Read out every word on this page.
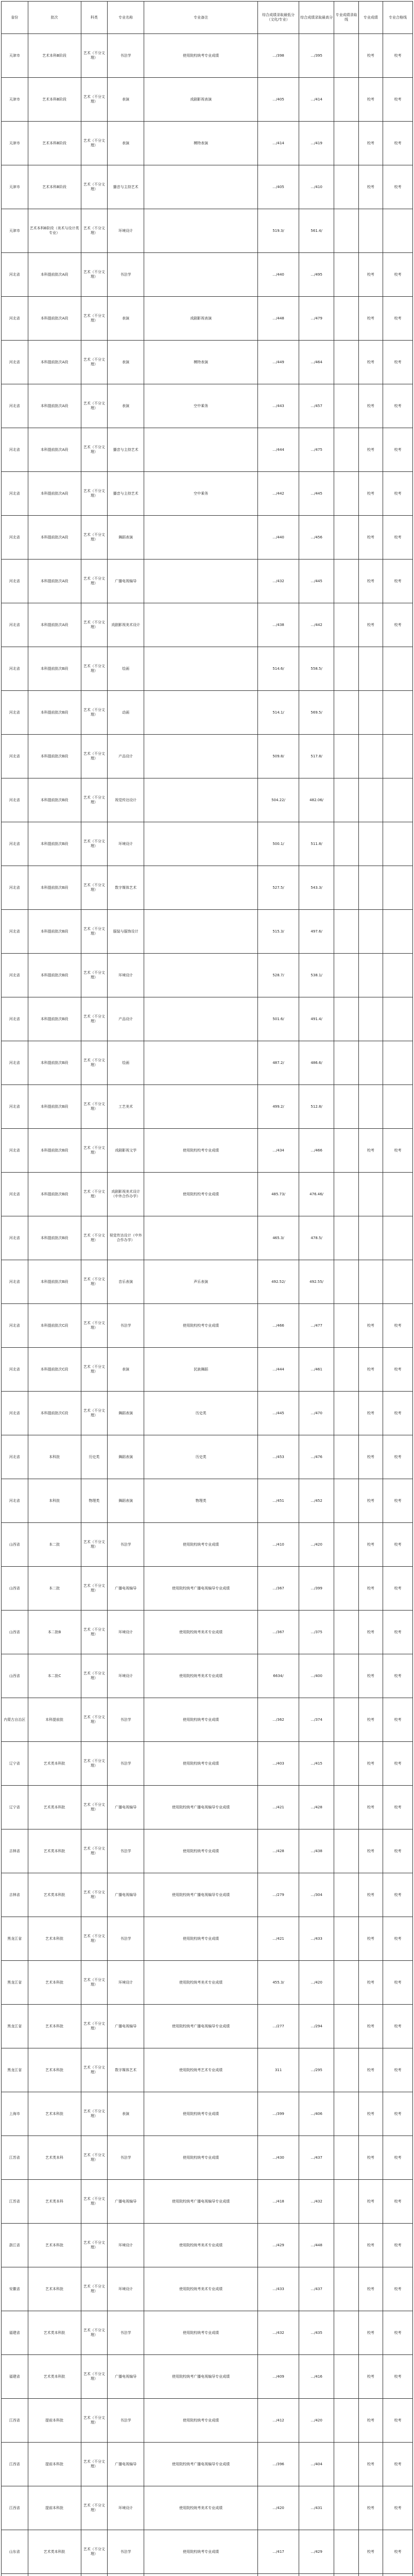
省份	批次	科类	专业名称	专业备注	综合成绩录取最低分（文化/专业）	综合成绩录取最高分	专业成绩录取线	专业成绩	专业合格线
天津市	艺术本科B阶段	艺术（不分文理）	书法学	使用院校统考专业成绩	…/398	…/395		校考	校考
天津市	艺术本科B阶段	艺术（不分文理）	表演	戏剧影视表演	…/405	…/414		校考	校考
天津市	艺术本科B阶段	艺术（不分文理）	表演	模特表演	…/414	…/419		校考	校考
天津市	艺术本科B阶段	艺术（不分文理）	播音与主持艺术		…/405	…/410		校考	校考
天津市	艺术本科B阶段（美术与设计类专业）	艺术（不分文理）	环境设计		519.3/	561.4/			
河北省	本科提前批次A段	艺术（不分文理）	书法学		…/440	…/495		校考	校考
河北省	本科提前批次A段	艺术（不分文理）	表演	戏剧影视表演	…/448	…/479		校考	校考
河北省	本科提前批次A段	艺术（不分文理）	表演	模特表演	…/449	…/464		校考	校考
河北省	本科提前批次A段	艺术（不分文理）	表演	空中乘务	…/443	…/457		校考	校考
河北省	本科提前批次A段	艺术（不分文理）	播音与主持艺术		…/444	…/475		校考	校考
河北省	本科提前批次A段	艺术（不分文理）	播音与主持艺术	空中乘务	…/442	…/445		校考	校考
河北省	本科提前批次A段	艺术（不分文理）	舞蹈表演		…/440	…/456		校考	校考
河北省	本科提前批次A段	艺术（不分文理）	广播电视编导		…/432	…/445		校考	校考
河北省	本科提前批次A段	艺术（不分文理）	戏剧影视美术设计		…/438	…/442		校考	校考
河北省	本科提前批次B段	艺术（不分文理）	绘画		514.6/	558.5/			
河北省	本科提前批次B段	艺术（不分文理）	动画		514.1/	569.5/			
河北省	本科提前批次B段	艺术（不分文理）	产品设计		509.8/	517.8/			
河北省	本科提前批次B段	艺术（不分文理）	视觉传达设计		504.22/	482.06/			
河北省	本科提前批次B段	艺术（不分文理）	环境设计		500.1/	511.8/			
河北省	本科提前批次B段	艺术（不分文理）	数字媒体艺术		527.5/	543.3/			
河北省	本科提前批次B段	艺术（不分文理）	服装与服饰设计		515.3/	497.6/			
河北省	本科提前批次B段	艺术（不分文理）	环境设计		528.7/	538.1/			
河北省	本科提前批次B段	艺术（不分文理）	产品设计		501.6/	491.4/			
河北省	本科提前批次B段	艺术（不分文理）	绘画		487.2/	486.6/			
河北省	本科提前批次B段	艺术（不分文理）	工艺美术		499.2/	512.8/			
河北省	本科提前批次B段	艺术（不分文理）	戏剧影视文学	使用院校校考专业成绩	…/434	…/466		校考	校考
河北省	本科提前批次B段	艺术（不分文理）	戏剧影视美术设计（中外合作办学）	使用院校校考专业成绩	485.73/	476.46/			
河北省	本科提前批次B段	艺术（不分文理）	视觉传达设计（中外合作办学）		465.3/	478.5/			
河北省	本科提前批次B段	艺术（不分文理）	音乐表演	声乐表演	492.52/	492.55/			
河北省	本科提前批次C段	艺术（不分文理）	书法学	使用院校校考专业成绩	…/466	…/477		校考	校考
河北省	本科提前批次C段	艺术（不分文理）	表演	民族舞蹈	…/444	…/461		校考	校考
河北省	本科提前批次C段	艺术（不分文理）	舞蹈表演	历史类	…/445	…/470		校考	校考
河北省	本科批	历史类	舞蹈表演	历史类	…/453	…/476		校考	校考
河北省	本科批	物理类	舞蹈表演	物理类	…/451	…/452		校考	校考
山西省	本二批	艺术（不分文理）	书法学	使用院校统考专业成绩	…/410	…/420		校考	校考
山西省	本二批	艺术（不分文理）	广播电视编导	使用院校统考广播电视编导专业成绩	…/367	…/399		校考	校考
山西省	本二批B	艺术（不分文理）	环境设计	使用院校统考美术专业成绩	…/367	…/375		校考	校考
山西省	本二批C	艺术（不分文理）	环境设计	使用院校统考美术专业成绩	6634/	…/400		校考	校考
内蒙古自治区	本科提前批	艺术（不分文理）	书法学	使用院校统考专业成绩	…/362	…/374		校考	校考
辽宁省	艺术类本科批	艺术（不分文理）	书法学	使用院校统考专业成绩	…/403	…/415		校考	校考
辽宁省	艺术类本科批	艺术（不分文理）	广播电视编导	使用院校统考广播电视编导专业成绩	…/421	…/428		校考	校考
吉林省	艺术类本科批	艺术（不分文理）	书法学	使用院校统考专业成绩	…/428	…/438		校考	校考
吉林省	艺术类本科批	艺术（不分文理）	广播电视编导	使用院校统考广播电视编导专业成绩	…/279	…/304		校考	校考
黑龙江省	艺术本科批	艺术（不分文理）	书法学	使用院校统考专业成绩	…/421	…/433		校考	校考
黑龙江省	艺术本科批	艺术（不分文理）	环境设计	使用院校统考美术专业成绩	455.3/	…/420		校考	校考
黑龙江省	艺术本科批	艺术（不分文理）	广播电视编导	使用院校统考广播电视编导专业成绩	…/277	…/294		校考	校考
黑龙江省	艺术本科批	艺术（不分文理）	数字媒体艺术	使用院校统考艺术专业成绩	311	…/295		校考	校考
上海市	艺术本科批	艺术（不分文理）	表演	使用院校统考专业成绩	…/399	…/406		校考	校考
江苏省	艺术类本科	艺术（不分文理）	书法学	使用院校统考专业成绩	…/430	…/437		校考	校考
江苏省	艺术类本科	艺术（不分文理）	广播电视编导	使用院校统考广播电视编导专业成绩	…/418	…/432		校考	校考
浙江省	艺术本科批	艺术（不分文理）	环境设计	使用院校统考美术专业成绩	…/429	…/448		校考	校考
安徽省	艺术本科批	艺术（不分文理）	环境设计	使用院校统考美术专业成绩	…/433	…/437		校考	校考
福建省	艺术类本科批	艺术（不分文理）	书法学	使用院校统考专业成绩	…/432	…/435		校考	校考
福建省	艺术类本科批	艺术（不分文理）	广播电视编导	使用院校统考广播电视编导专业成绩	…/409	…/416		校考	校考
江西省	提前本科批	艺术（不分文理）	书法学	使用院校统考专业成绩	…/412	…/420		校考	校考
江西省	提前本科批	艺术（不分文理）	广播电视编导	使用院校统考广播电视编导专业成绩	…/396	…/404		校考	校考
江西省	提前本科批	艺术（不分文理）	环境设计	使用院校统考美术专业成绩	…/420	…/431		校考	校考
山东省	艺术类本科批	艺术（不分文理）	书法学	使用院校统考专业成绩	…/417	…/429		校考	校考
